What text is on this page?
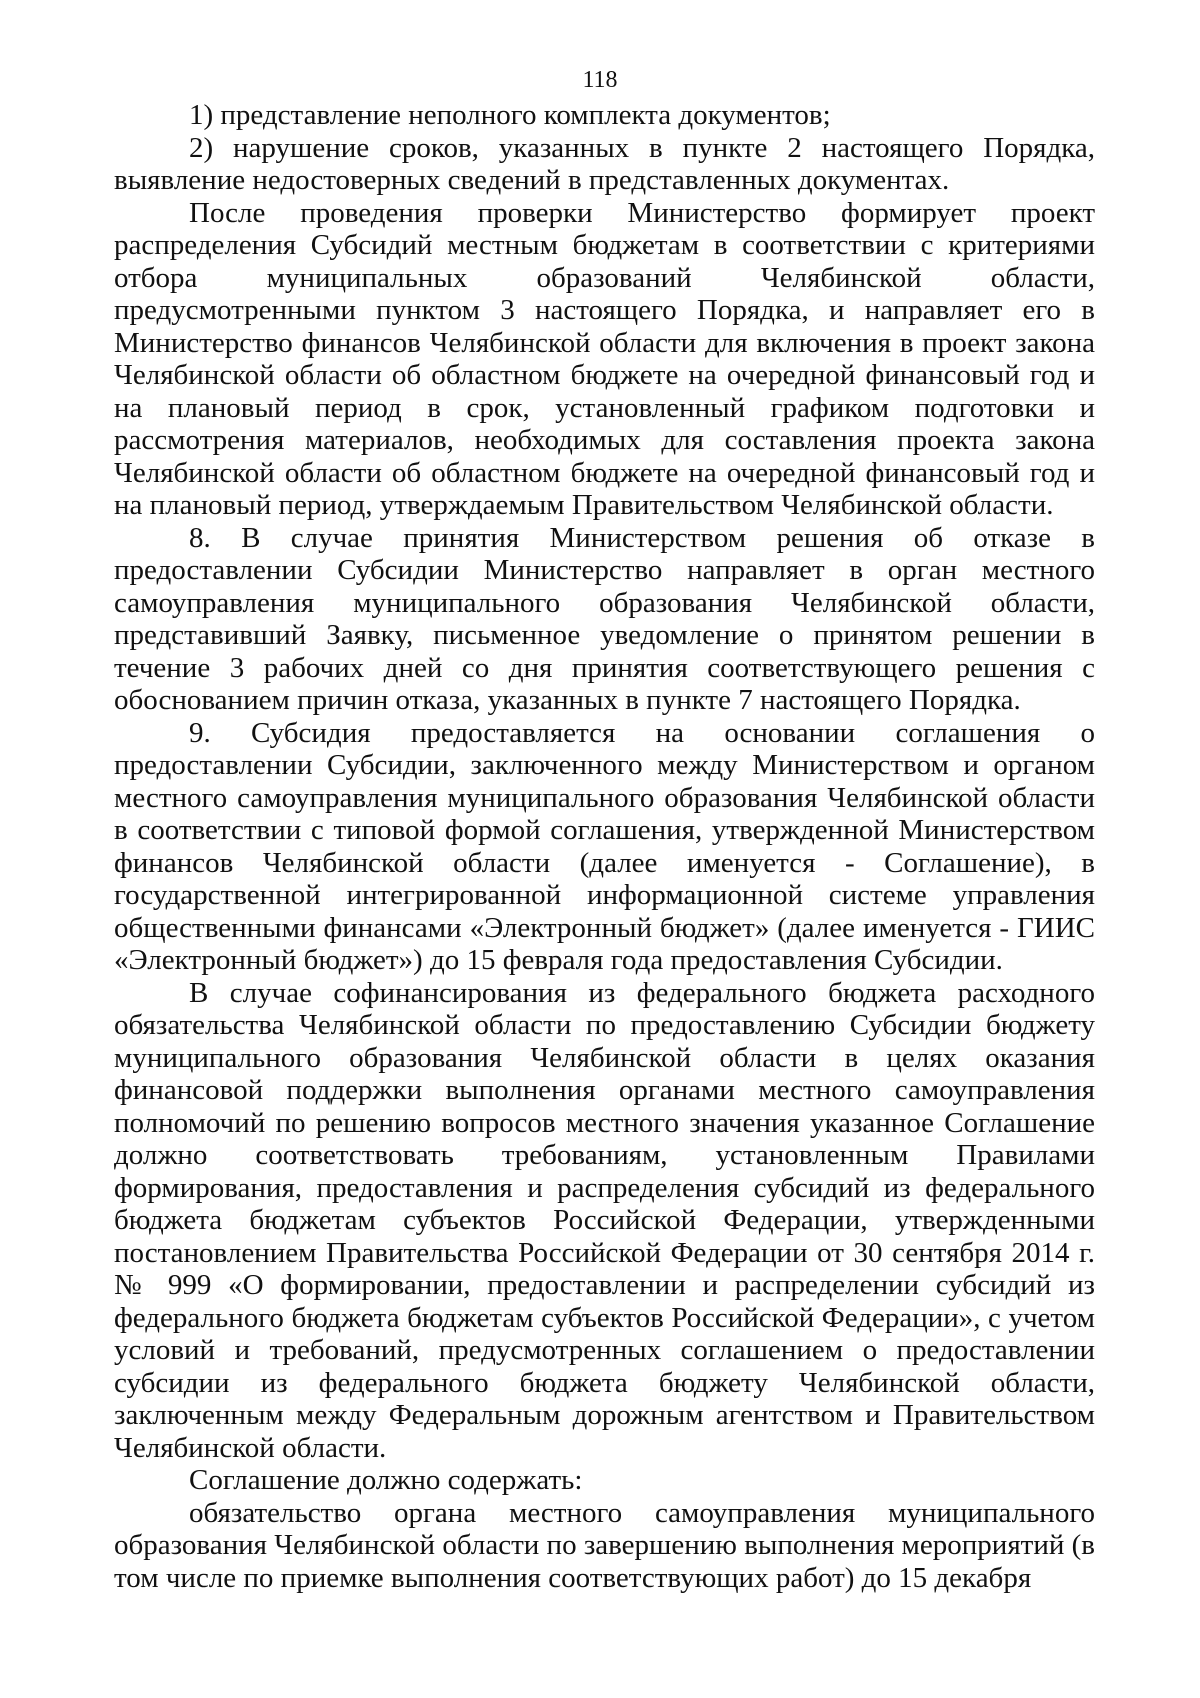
118

1) представление неполного комплекта документов;

2) нарушение сроков, указанных в пункте 2 настоящего Порядка, выявление недостоверных сведений в представленных документах.

После проведения проверки Министерство формирует проект распределения Субсидий местным бюджетам в соответствии с критериями отбора муниципальных образований Челябинской области, предусмотренными пунктом 3 настоящего Порядка, и направляет его в Министерство финансов Челябинской области для включения в проект закона Челябинской области об областном бюджете на очередной финансовый год и на плановый период в срок, установленный графиком подготовки и рассмотрения материалов, необходимых для составления проекта закона Челябинской области об областном бюджете на очередной финансовый год и на плановый период, утверждаемым Правительством Челябинской области.

8. В случае принятия Министерством решения об отказе в предоставлении Субсидии Министерство направляет в орган местного самоуправления муниципального образования Челябинской области, представивший Заявку, письменное уведомление о принятом решении в течение 3 рабочих дней со дня принятия соответствующего решения с обоснованием причин отказа, указанных в пункте 7 настоящего Порядка.

9. Субсидия предоставляется на основании соглашения о предоставлении Субсидии, заключенного между Министерством и органом местного самоуправления муниципального образования Челябинской области в соответствии с типовой формой соглашения, утвержденной Министерством финансов Челябинской области (далее именуется - Соглашение), в государственной интегрированной информационной системе управления общественными финансами «Электронный бюджет» (далее именуется - ГИИС «Электронный бюджет») до 15 февраля года предоставления Субсидии.

В случае софинансирования из федерального бюджета расходного обязательства Челябинской области по предоставлению Субсидии бюджету муниципального образования Челябинской области в целях оказания финансовой поддержки выполнения органами местного самоуправления полномочий по решению вопросов местного значения указанное Соглашение должно соответствовать требованиям, установленным Правилами формирования, предоставления и распределения субсидий из федерального бюджета бюджетам субъектов Российской Федерации, утвержденными постановлением Правительства Российской Федерации от 30 сентября 2014 г. № 999 «О формировании, предоставлении и распределении субсидий из федерального бюджета бюджетам субъектов Российской Федерации», с учетом условий и требований, предусмотренных соглашением о предоставлении субсидии из федерального бюджета бюджету Челябинской области, заключенным между Федеральным дорожным агентством и Правительством Челябинской области.

Соглашение должно содержать:

обязательство органа местного самоуправления муниципального образования Челябинской области по завершению выполнения мероприятий (в том числе по приемке выполнения соответствующих работ) до 15 декабря
